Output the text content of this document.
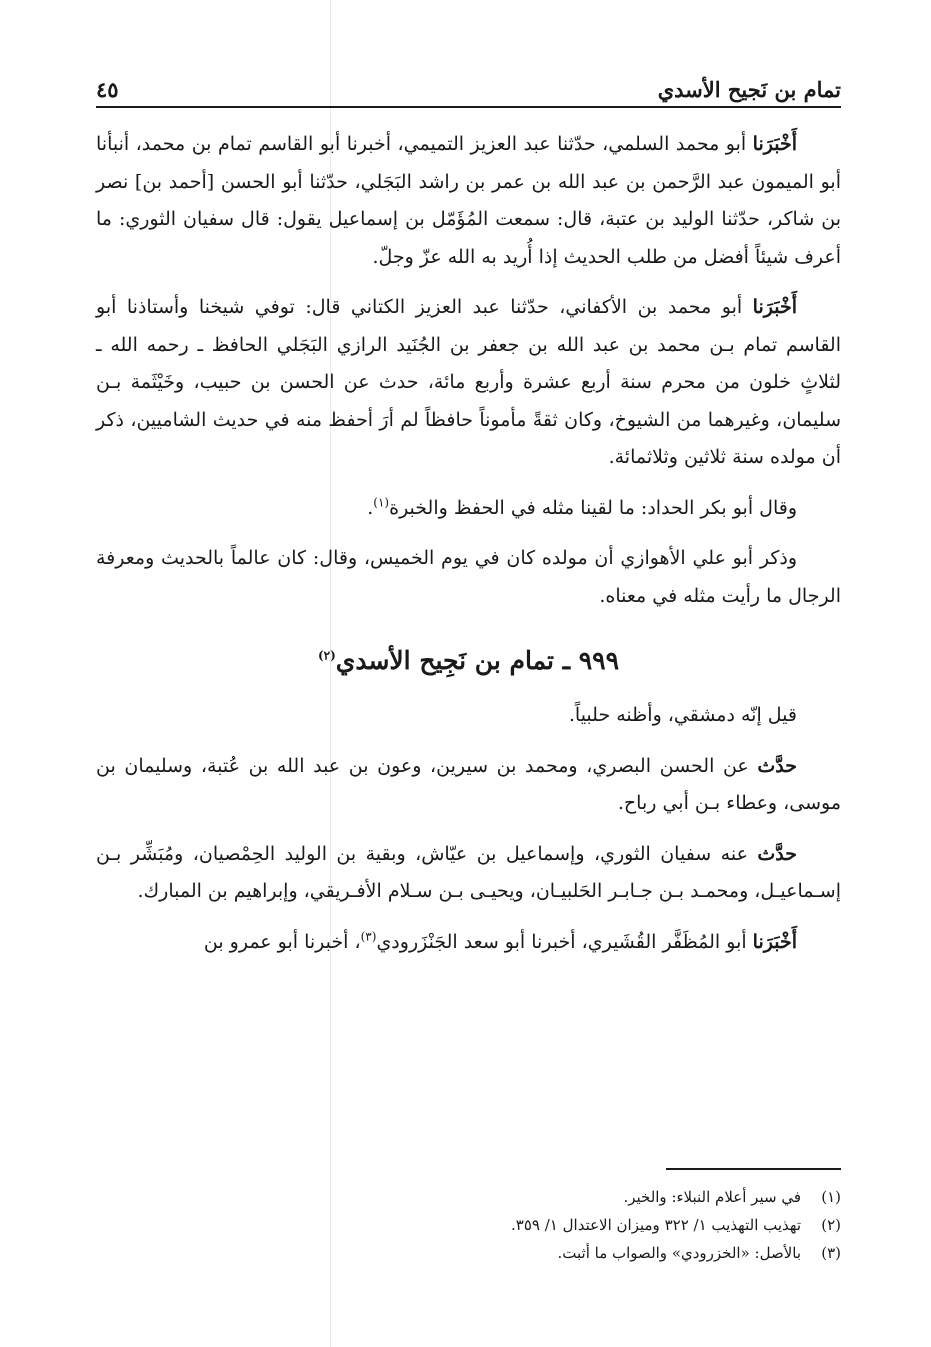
تمام بن نَجيح الأسدي
٤٥

أَخْبَرَنا أبو محمد السلمي، حدّثنا عبد العزيز التميمي، أخبرنا أبو القاسم تمام بن محمد، أنبأنا أبو الميمون عبد الرَّحمن بن عبد الله بن عمر بن راشد البَجَلي، حدّثنا أبو الحسن [أحمد بن] نصر بن شاكر، حدّثنا الوليد بن عتبة، قال: سمعت المُؤَمّل بن إسماعيل يقول: قال سفيان الثوري: ما أعرف شيئاً أفضل من طلب الحديث إذا أُريد به الله عزّ وجلّ.

أَخْبَرَنا أبو محمد بن الأكفاني، حدّثنا عبد العزيز الكتاني قال: توفي شيخنا وأستاذنا أبو القاسم تمام بـن محمد بن عبد الله بن جعفر بن الجُنَيد الرازي البَجَلي الحافظ ـ رحمه الله ـ لثلاثٍ خلون من محرم سنة أربع عشرة وأربع مائة، حدث عن الحسن بن حبيب، وخَيْثَمة بـن سليمان، وغيرهما من الشيوخ، وكان ثقةً مأموناً حافظاً لم أرَ أحفظ منه في حديث الشاميين، ذكر أن مولده سنة ثلاثين وثلاثمائة.

وقال أبو بكر الحداد: ما لقينا مثله في الحفظ والخبرة$^{(١)}$.

وذكر أبو علي الأهوازي أن مولده كان في يوم الخميس، وقال: كان عالماً بالحديث ومعرفة الرجال ما رأيت مثله في معناه.

٩٩٩ ـ تمام بن نَجِيح الأسدي$^{(٢)}$

قيل إنّه دمشقي، وأظنه حلبياً.

حدَّث عن الحسن البصري، ومحمد بن سيرين، وعون بن عبد الله بن عُتبة، وسليمان بن موسى، وعطاء بـن أبي رباح.

حدَّث عنه سفيان الثوري، وإسماعيل بن عيّاش، وبقية بن الوليد الحِمْصيان، ومُبَشِّر بـن إسـماعيـل، ومحمـد بـن جـابـر الحَلبيـان، ويحيـى بـن سـلام الأفـريقي، وإبراهيم بن المبارك.

أَخْبَرَنا أبو المُظَفَّر القُشَيري، أخبرنا أبو سعد الجَنْزَرودي$^{(٣)}$، أخبرنا أبو عمرو بن

(١)
في سير أعلام النبلاء: والخير.
(٢)
تهذيب التهذيب ١/ ٣٢٢ وميزان الاعتدال ١/ ٣٥٩.
(٣)
بالأصل: «الخزرودي» والصواب ما أثبت.
